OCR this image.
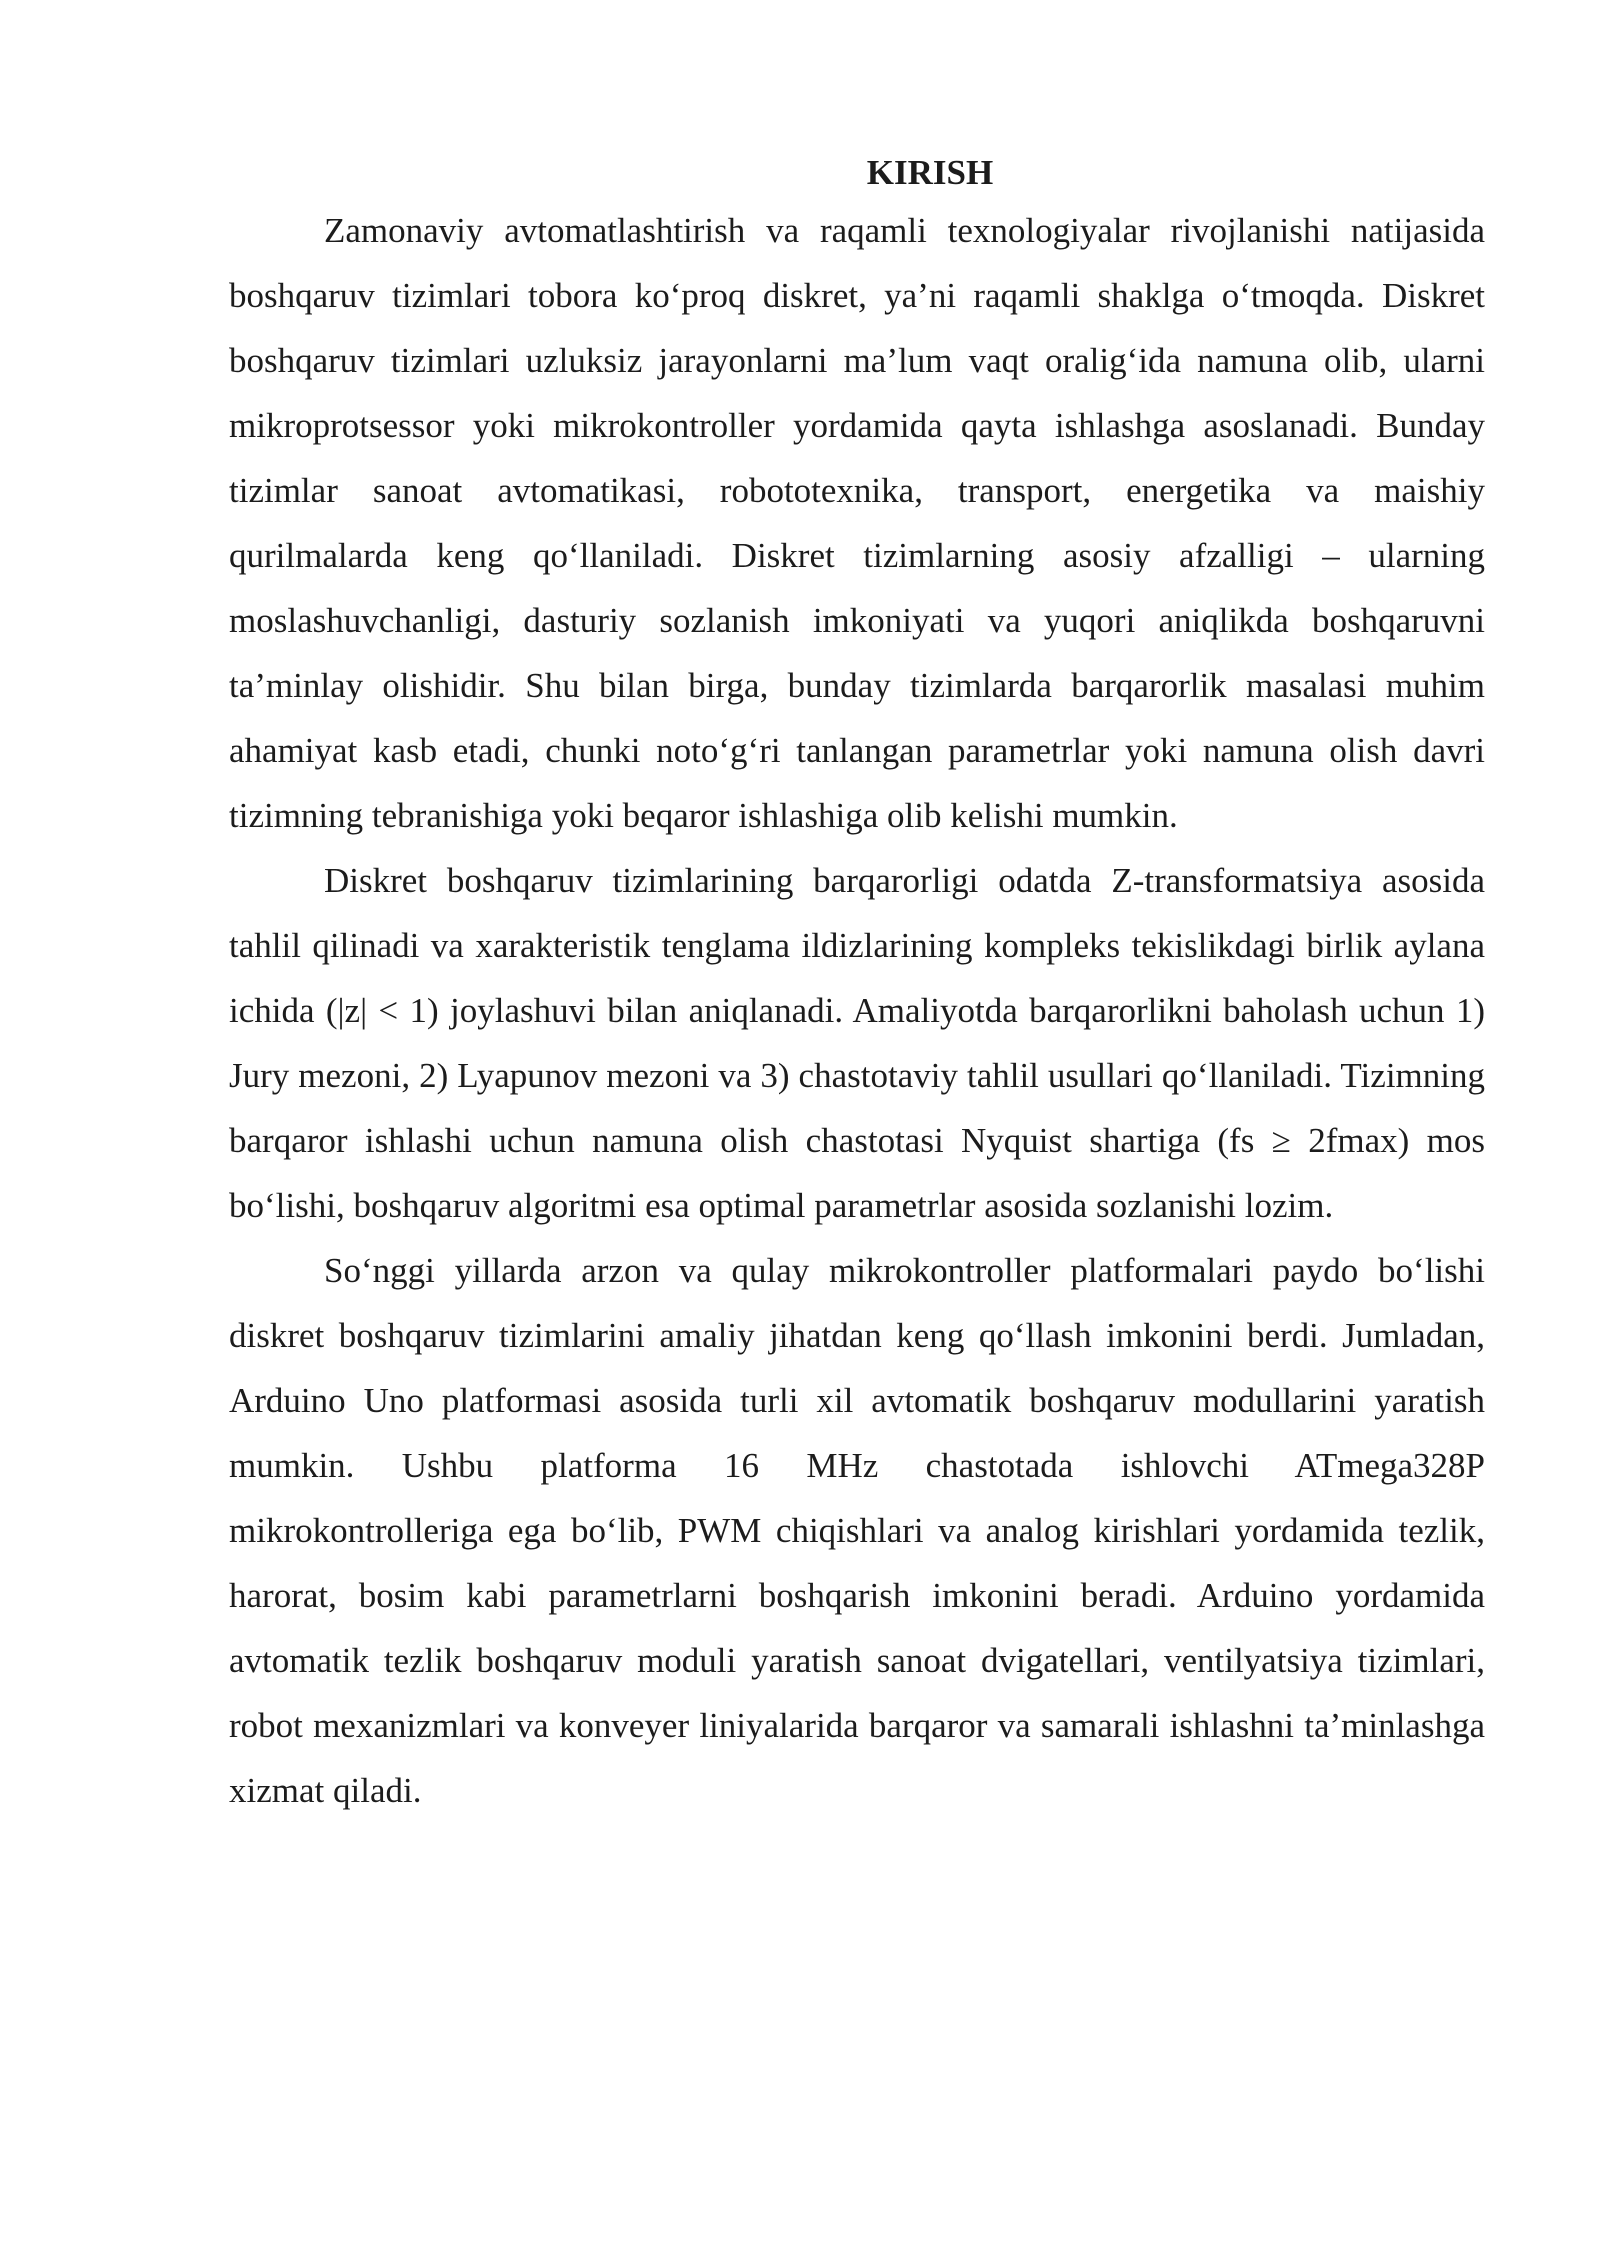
KIRISH

Zamonaviy avtomatlashtirish va raqamli texnologiyalar rivojlanishi natijasida boshqaruv tizimlari tobora ko‘proq diskret, ya’ni raqamli shaklga o‘tmoqda. Diskret boshqaruv tizimlari uzluksiz jarayonlarni ma’lum vaqt oralig‘ida namuna olib, ularni mikroprotsessor yoki mikrokontroller yordamida qayta ishlashga asoslanadi. Bunday tizimlar sanoat avtomatikasi, robototexnika, transport, energetika va maishiy qurilmalarda keng qo‘llaniladi. Diskret tizimlarning asosiy afzalligi – ularning moslashuvchanligi, dasturiy sozlanish imkoniyati va yuqori aniqlikda boshqaruvni ta’minlay olishidir. Shu bilan birga, bunday tizimlarda barqarorlik masalasi muhim ahamiyat kasb etadi, chunki noto‘g‘ri tanlangan parametrlar yoki namuna olish davri tizimning tebranishiga yoki beqaror ishlashiga olib kelishi mumkin.

Diskret boshqaruv tizimlarining barqarorligi odatda Z-transformatsiya asosida tahlil qilinadi va xarakteristik tenglama ildizlarining kompleks tekislikdagi birlik aylana ichida (|z| < 1) joylashuvi bilan aniqlanadi. Amaliyotda barqarorlikni baholash uchun 1) Jury mezoni, 2) Lyapunov mezoni va 3) chastotaviy tahlil usullari qo‘llaniladi. Tizimning barqaror ishlashi uchun namuna olish chastotasi Nyquist shartiga (fs ≥ 2fmax) mos bo‘lishi, boshqaruv algoritmi esa optimal parametrlar asosida sozlanishi lozim.

So‘nggi yillarda arzon va qulay mikrokontroller platformalari paydo bo‘lishi diskret boshqaruv tizimlarini amaliy jihatdan keng qo‘llash imkonini berdi. Jumladan, Arduino Uno platformasi asosida turli xil avtomatik boshqaruv modullarini yaratish mumkin. Ushbu platforma 16 MHz chastotada ishlovchi ATmega328P mikrokontrolleriga ega bo‘lib, PWM chiqishlari va analog kirishlari yordamida tezlik, harorat, bosim kabi parametrlarni boshqarish imkonini beradi. Arduino yordamida avtomatik tezlik boshqaruv moduli yaratish sanoat dvigatellari, ventilyatsiya tizimlari, robot mexanizmlari va konveyer liniyalarida barqaror va samarali ishlashni ta’minlashga xizmat qiladi.
